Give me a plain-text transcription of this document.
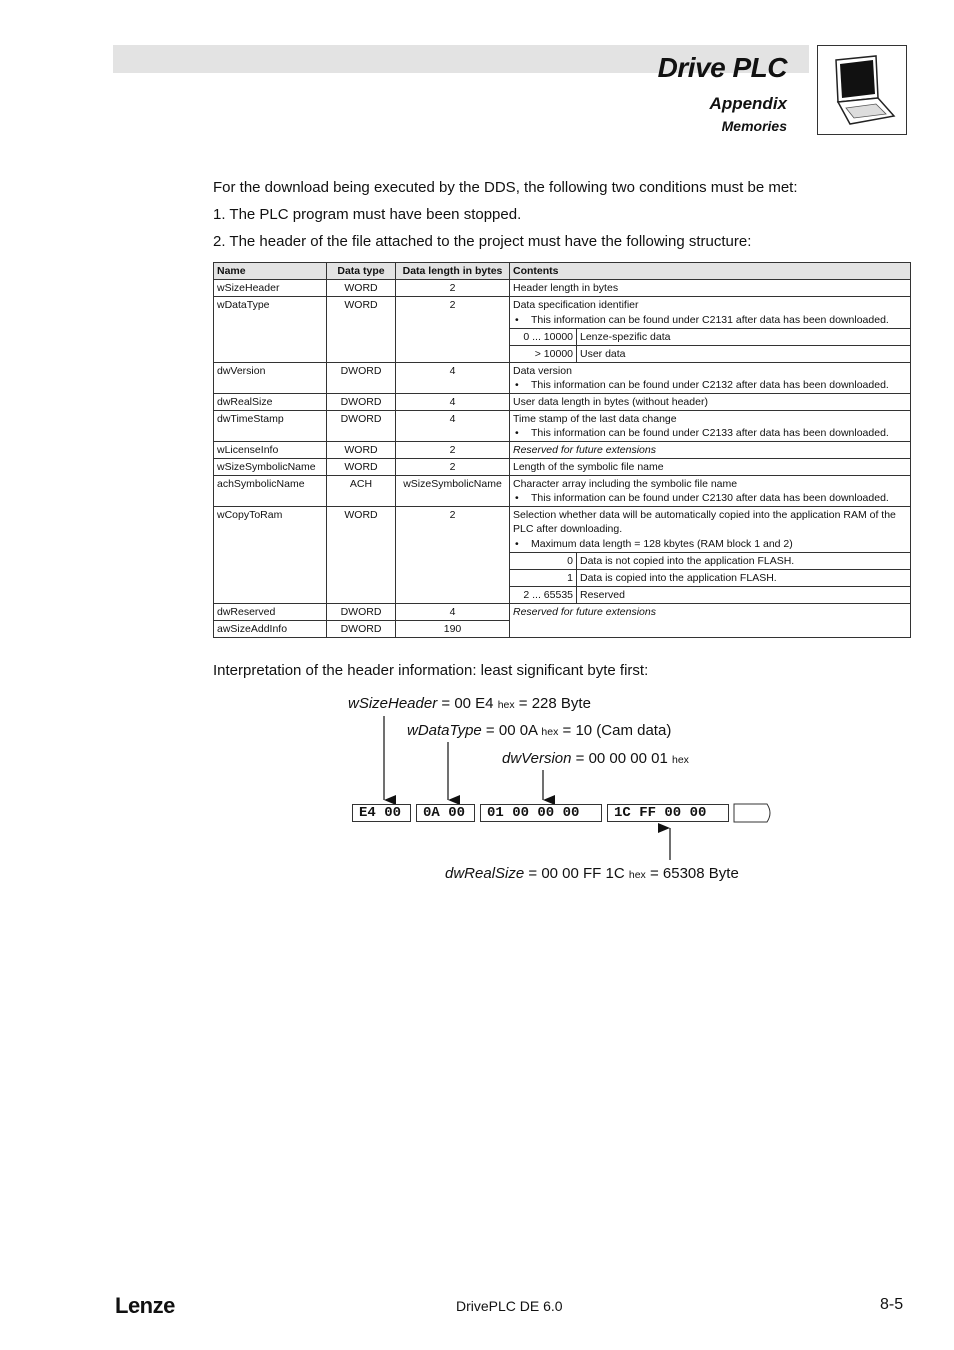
Drive PLC
Appendix
Memories
For the download being executed by the DDS, the following two conditions must be met:
1. The PLC program must have been stopped.
2. The header of the file attached to the project must have the following structure:
Name	Data type	Data length in bytes	Contents
wSizeHeader	WORD	2	Header length in bytes
wDataType	WORD	2	Data specification identifier
• This information can be found under C2131 after data has been downloaded.
0 ... 10000	Lenze-spezific data
> 10000	User data

dwVersion	DWORD	4	Data version
• This information can be found under C2132 after data has been downloaded.

dwRealSize	DWORD	4	User data length in bytes (without header)
dwTimeStamp	DWORD	4	Time stamp of the last data change
• This information can be found under C2133 after data has been downloaded.

wLicenseInfo	WORD	2	Reserved for future extensions
wSizeSymbolicName	WORD	2	Length of the symbolic file name
achSymbolicName	ACH	wSizeSymbolicName	Character array including the symbolic file name
• This information can be found under C2130 after data has been downloaded.

wCopyToRam	WORD	2	Selection whether data will be automatically copied into the application RAM of the PLC after downloading.
• Maximum data length = 128 kbytes (RAM block 1 and 2)
0	Data is not copied into the application FLASH.
1	Data is copied into the application FLASH.
2 ... 65535	Reserved

dwReserved	DWORD	4	Reserved for future extensions
awSizeAddInfo	DWORD	190
Interpretation of the header information: least significant byte first:
wSizeHeader = 00 E4 hex = 228 Byte
wDataType = 00 0A hex = 10 (Cam data)
dwVersion = 00 00 00 01 hex
dwRealSize = 00 00 FF 1C hex = 65308 Byte
E4 00	0A 00	01 00 00 00	1C FF 00 00
Lenze	DrivePLC DE 6.0	8-5
